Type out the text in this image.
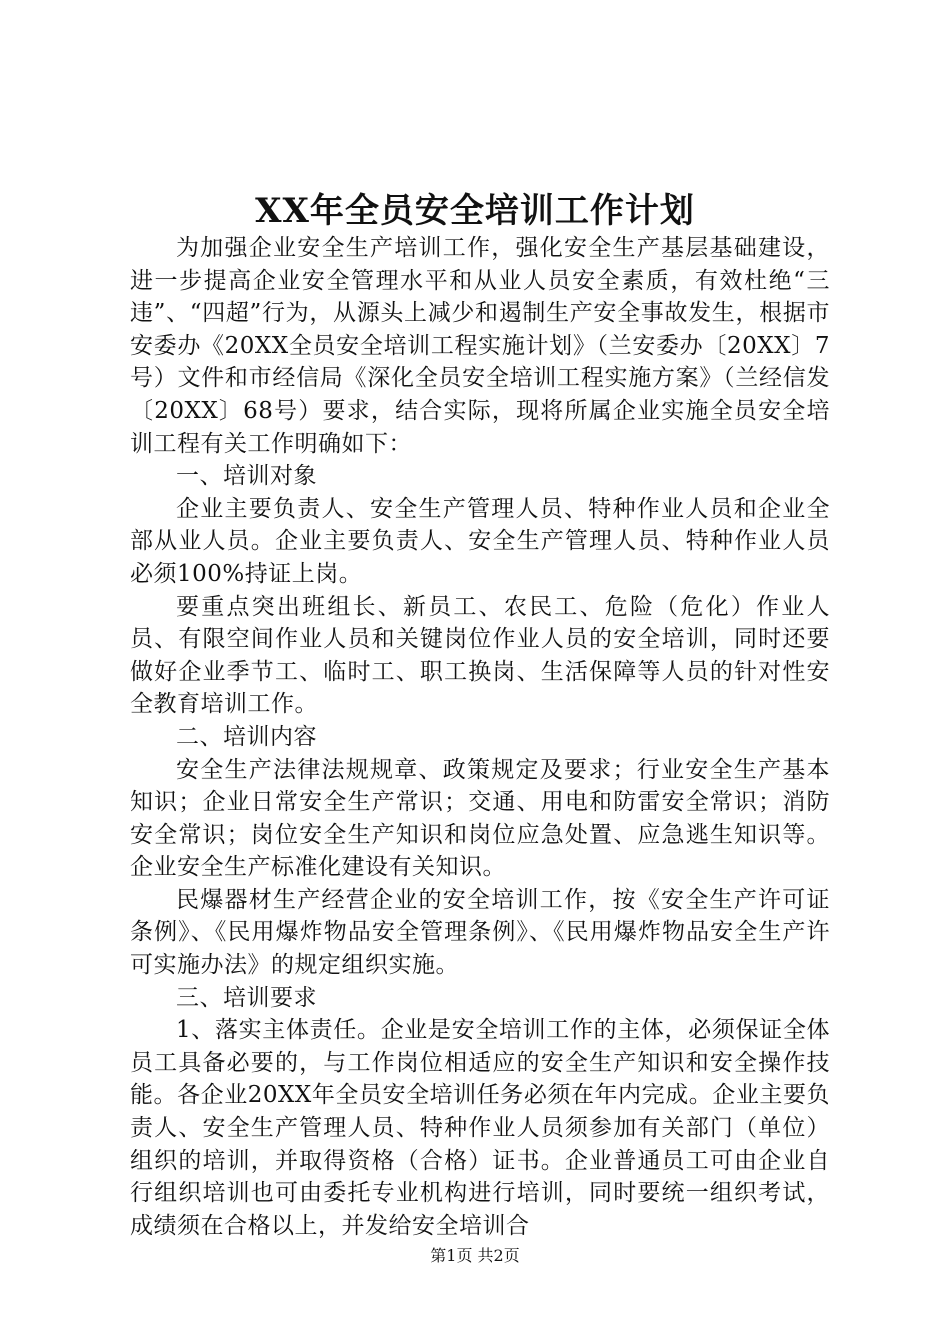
XX年全员安全培训工作计划

为加强企业安全生产培训工作，强化安全生产基层基础建设，进一步提高企业安全管理水平和从业人员安全素质，有效杜绝“三违”、“四超”行为，从源头上减少和遏制生产安全事故发生，根据市安委办《20XX全员安全培训工程实施计划》（兰安委办〔20XX〕7号）文件和市经信局《深化全员安全培训工程实施方案》（兰经信发〔20XX〕68号）要求，结合实际，现将所属企业实施全员安全培训工程有关工作明确如下：

一、培训对象

企业主要负责人、安全生产管理人员、特种作业人员和企业全部从业人员。企业主要负责人、安全生产管理人员、特种作业人员必须100%持证上岗。

要重点突出班组长、新员工、农民工、危险（危化）作业人员、有限空间作业人员和关键岗位作业人员的安全培训，同时还要做好企业季节工、临时工、职工换岗、生活保障等人员的针对性安全教育培训工作。

二、培训内容

安全生产法律法规规章、政策规定及要求；行业安全生产基本知识；企业日常安全生产常识；交通、用电和防雷安全常识；消防安全常识；岗位安全生产知识和岗位应急处置、应急逃生知识等。企业安全生产标准化建设有关知识。

民爆器材生产经营企业的安全培训工作，按《安全生产许可证条例》、《民用爆炸物品安全管理条例》、《民用爆炸物品安全生产许可实施办法》的规定组织实施。

三、培训要求

1、落实主体责任。企业是安全培训工作的主体，必须保证全体员工具备必要的，与工作岗位相适应的安全生产知识和安全操作技能。各企业20XX年全员安全培训任务必须在年内完成。企业主要负责人、安全生产管理人员、特种作业人员须参加有关部门（单位）组织的培训，并取得资格（合格）证书。企业普通员工可由企业自行组织培训也可由委托专业机构进行培训，同时要统一组织考试，成绩须在合格以上，并发给安全培训合

第1页 共2页
